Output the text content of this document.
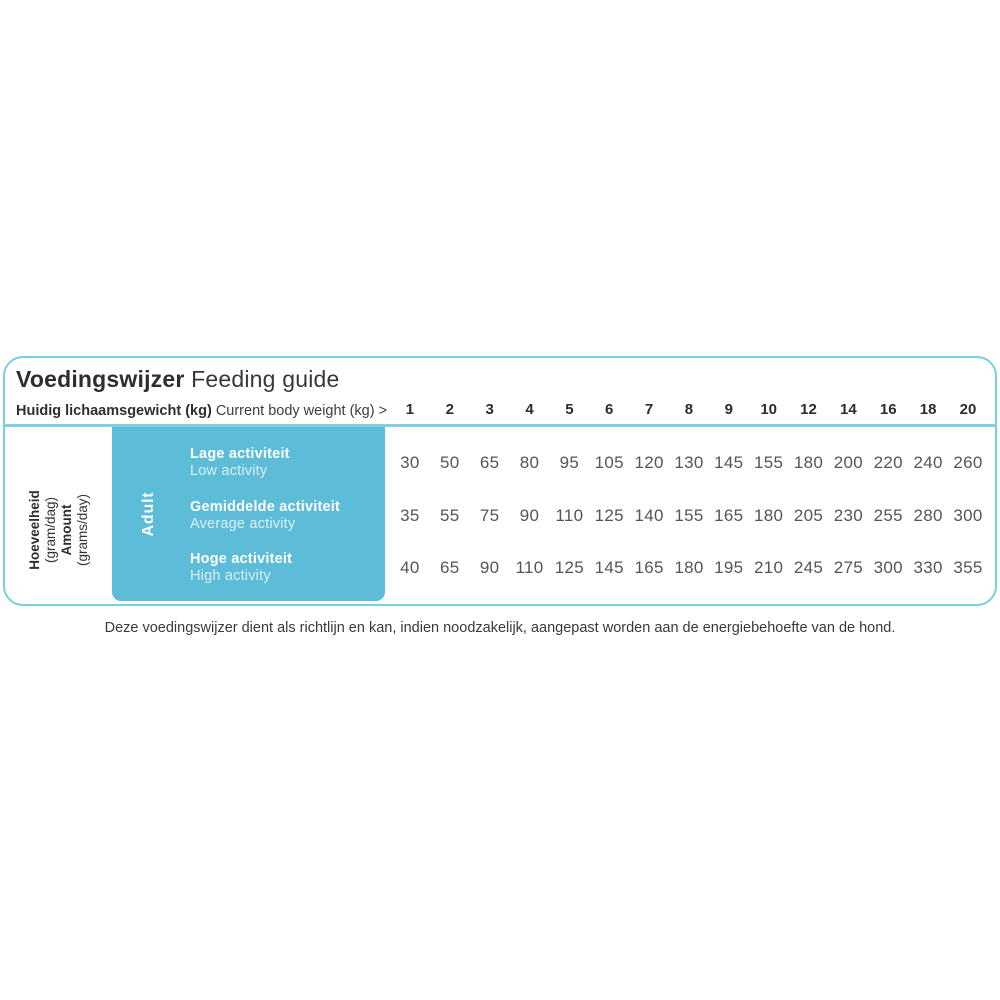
Voedingswijzer Feeding guide
Huidig lichaamsgewicht (kg) Current body weight (kg) >	1	2	3	4	5	6	7	8	9	10	12	14	16	18	20
Hoeveelheid (gram/dag) Amount (grams/day)	Adult
Lage activiteit
Low activity	30	50	65	80	95 105 120 130 145 155 180 200 220 240 260
Gemiddelde activiteit
Average activity	35	55	75	90 110 125 140 155 165 180 205 230 255 280 300
Hoge activiteit
High activity	40	65	90 110 125 145 165 180 195 210 245 275 300 330 355

Deze voedingswijzer dient als richtlijn en kan, indien noodzakelijk, aangepast worden aan de energiebehoefte van de hond.
